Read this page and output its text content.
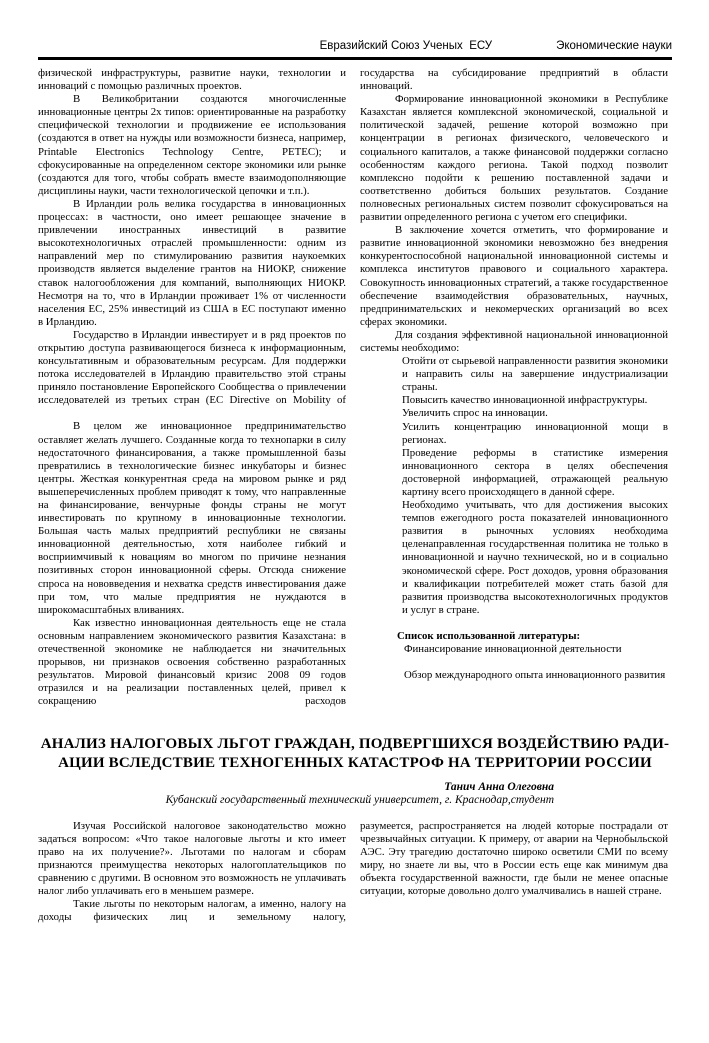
Евразийский Союз Ученых  ЕСУ	Экономические науки

физической инфраструктуры, развитие науки, технологии и инноваций с помощью различных проектов.

В Великобритании создаются многочисленные инновационные центры 2х типов: ориентированные на разработку специфической технологии и продвижение ее использования (создаются в ответ на нужды или возможности бизнеса, например, Printable Electronics Technology Centre, PETEC); и сфокусированные на определенном секторе экономики или рынке (создаются для того, чтобы собрать вместе взаимодополняющие дисциплины науки, части технологической цепочки и т.п.).

В Ирландии роль велика государства в инновационных процессах: в частности, оно имеет решающее значение в привлечении иностранных инвестиций в развитие высокотехнологичных отраслей промышленности: одним из направлений мер по стимулированию развития наукоемких производств является выделение грантов на НИОКР, снижение ставок налогообложения для компаний, выполняющих НИОКР. Несмотря на то, что в Ирландии проживает 1% от численности населения ЕС, 25% инвестиций из США в ЕС поступают именно в Ирландию.

Государство в Ирландии инвестирует и в ряд проектов по открытию доступа развивающегося бизнеса к информационным, консультативным и образовательным ресурсам. Для поддержки потока исследователей в Ирландию правительство этой страны приняло постановление Европейского Сообщества о привлечении исследователей из третьих стран (EC Directive on Mobility of

В целом же инновационное предпринимательство оставляет желать лучшего. Созданные когда то технопарки в силу недостаточного финансирования, а также промышленной базы превратились в технологические бизнес инкубаторы и бизнес центры. Жесткая конкурентная среда на мировом рынке и ряд вышеперечисленных проблем приводят к тому, что направленные на финансирование, венчурные фонды страны не могут инвестировать по крупному в инновационные технологии. Большая часть малых предприятий республики не связаны инновационной деятельностью, хотя наиболее гибкий и восприимчивый к новациям во многом по причине незнания позитивных сторон инновационной сферы. Отсюда снижение спроса на нововведения и нехватка средств инвестирования даже при том, что малые предприятия не нуждаются в широкомасштабных вливаниях.

Как известно инновационная деятельность еще не стала основным направлением экономического развития Казахстана: в отечественной экономике не наблюдается ни значительных прорывов, ни признаков освоения собственно разработанных результатов. Мировой финансовый кризис 2008 09 годов отразился и на реализации поставленных целей, привел к сокращению расходов

государства на субсидирование предприятий в области инноваций.

Формирование инновационной экономики в Республике Казахстан является комплексной экономической, социальной и политической задачей, решение которой возможно при концентрации в регионах физического, человеческого и социального капиталов, а также финансовой поддержки согласно особенностям каждого региона. Такой подход позволит комплексно подойти к решению поставленной задачи и соответственно добиться больших результатов. Создание полновесных региональных систем позволит сфокусироваться на развитии определенного региона с учетом его специфики.

В заключение хочется отметить, что формирование и развитие инновационной экономики невозможно без внедрения конкурентоспособной национальной инновационной системы и комплекса институтов правового и социального характера. Совокупность инновационных стратегий, а также государственное обеспечение взаимодействия образовательных, научных, предпринимательских и некомерческих организаций во всех сферах экономики.

Для создания эффективной национальной инновационной системы необходимо:

Отойти от сырьевой направленности развития экономики и направить силы на завершение индустриализации страны.
Повысить качество инновационной инфраструктуры.
Увеличить спрос на инновации.
Усилить концентрацию инновационной мощи в регионах.
Проведение реформы в статистике измерения инновационного сектора в целях обеспечения достоверной информацией, отражающей реальную картину всего происходящего в данной сфере.
Необходимо учитывать, что для достижения высоких темпов ежегодного роста показателей инновационного развития в рыночных условиях необходима целенаправленная государственная политика не только в инновационной и научно технической, но и в социально экономической сфере. Рост доходов, уровня образования и квалификации потребителей может стать базой для развития производства высокотехнологичных продуктов и услуг в стране.
Список использованной литературы:
Финансирование инновационной деятельности
Обзор международного опыта инновационного развития
АНАЛИЗ НАЛОГОВЫХ ЛЬГОТ ГРАЖДАН, ПОДВЕРГШИХСЯ ВОЗДЕЙСТВИЮ РАДИ-
АЦИИ ВСЛЕДСТВИЕ ТЕХНОГЕННЫХ КАТАСТРОФ НА ТЕРРИТОРИИ РОССИИ
Танич Анна Олеговна
Кубанский государственный технический университет, г. Краснодар,студент

Изучая Российской налоговое законодательство можно задаться вопросом: «Что такое налоговые льготы и кто имеет право на их получение?». Льготами по налогам и сборам признаются преимущества некоторых налогоплательщиков по сравнению с другими. В основном это возможность не уплачивать налог либо уплачивать его в меньшем размере.

Такие льготы по некоторым налогам, а именно, налогу на доходы физических лиц и земельному налогу,

разумеется, распространяется на людей которые пострадали от чрезвычайных ситуации. К примеру, от аварии на Чернобыльской АЭС. Эту трагедию достаточно широко осветили СМИ по всему миру, но знаете ли вы, что в России есть еще как минимум два объекта государственной важности, где были не менее опасные ситуации, которые довольно долго умалчивались в нашей стране.
